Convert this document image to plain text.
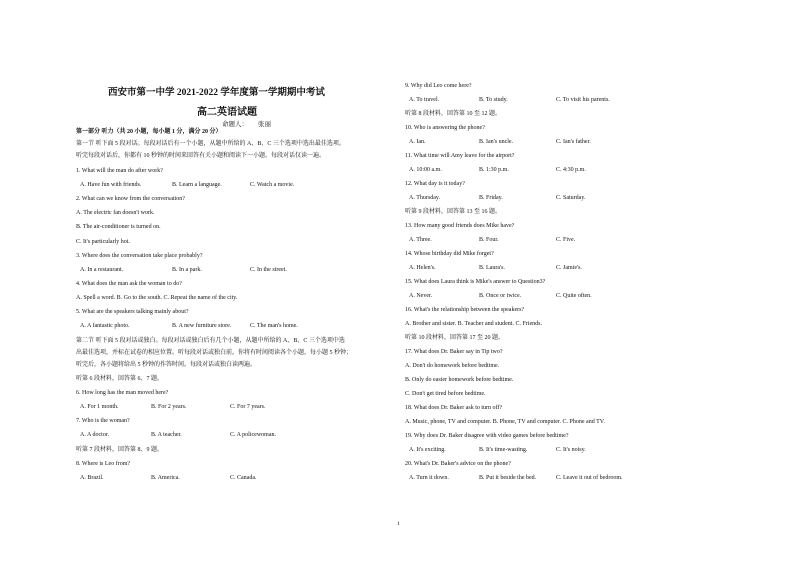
西安市第一中学 2021-2022 学年度第一学期期中考试
高二英语试题
命题人： 张丽
第一部分 听力（共 20 小题，每小题 1 分，满分 20 分）
第一节 听下面 5 段对话。每段对话后有一个小题，从题中所给的 A、B、C 三个选项中选出最佳选项。
听完每段对话后，你都有 10 秒钟的时间来回答有关小题和阅读下一小题。每段对话仅读一遍。
1. What will the man do after work?
A. Have fun with friends.	B. Learn a language.	C. Watch a movie.
2. What can we know from the conversation?
A. The electric fan doesn't work.
B. The air-conditioner is turned on.
C. It's particularly hot.
3. Where does the conversation take place probably?
A. In a restaurant.	B. In a park.	C. In the street.
4. What does the man ask the woman to do?
A. Spell a word. B. Go to the south. C. Repeat the name of the city.
5. What are the speakers talking mainly about?
A. A fantastic photo.	B. A new furniture store.	C. The man's home.
第二节 听下面 5 段对话或独白。每段对话或独白后有几个小题，从题中所给的 A、B、C 三个选项中选
出最佳选项，并标在试卷的相应位置。听每段对话或独白前，你将有时间阅读各个小题，每小题 5 秒钟；
听完后，各小题将给出 5 秒钟的作答时间。每段对话或独白读两遍。
听第 6 段材料，回答第 6、7 题。
6. How long has the man moved here?
A. For 1 month.	B. For 2 years.	C. For 7 years.
7. Who is the woman?
A. A doctor.	B. A teacher.	C. A policewoman.
听第 7 段材料，回答第 8、9 题。
8. Where is Leo from?
A. Brazil.	B. America.	C. Canada.
9. Why did Leo come here?
A. To travel.	B. To study.	C. To visit his parents.
听第 8 段材料，回答第 10 至 12 题。
10. Who is answering the phone?
A. Ian.	B. Ian's uncle.	C. Ian's father.
11. What time will Amy leave for the airport?
A. 10:00 a.m.	B. 1:30 p.m.	C. 4:30 p.m.
12. What day is it today?
A. Thursday.	B. Friday.	C. Saturday.
听第 9 段材料，回答第 13 至 16 题。
13. How many good friends does Mike have?
A. Three.	B. Four.	C. Five.
14. Whose birthday did Mike forget?
A. Helen's.	B. Laura's.	C. Jamie's.
15. What does Laura think is Mike's answer to Question3?
A. Never.	B. Once or twice.	C. Quite often.
16. What's the relationship between the speakers?
A. Brother and sister. B. Teacher and student. C. Friends.
听第 10 段材料，回答第 17 至 20 题。
17. What does Dr. Baker say in Tip two?
A. Don't do homework before bedtime.
B. Only do easier homework before bedtime.
C. Don't get tired before bedtime.
18. What does Dr. Baker ask to turn off?
A. Music, phone, TV and computer. B. Phone, TV and computer. C. Phone and TV.
19. Why does Dr. Baker disagree with video games before bedtime?
A. It's exciting.	B. It's time-wasting.	C. It's noisy.
20. What's Dr. Baker's advice on the phone?
A. Turn it down.	B. Put it beside the bed.	C. Leave it out of bedroom.
1
